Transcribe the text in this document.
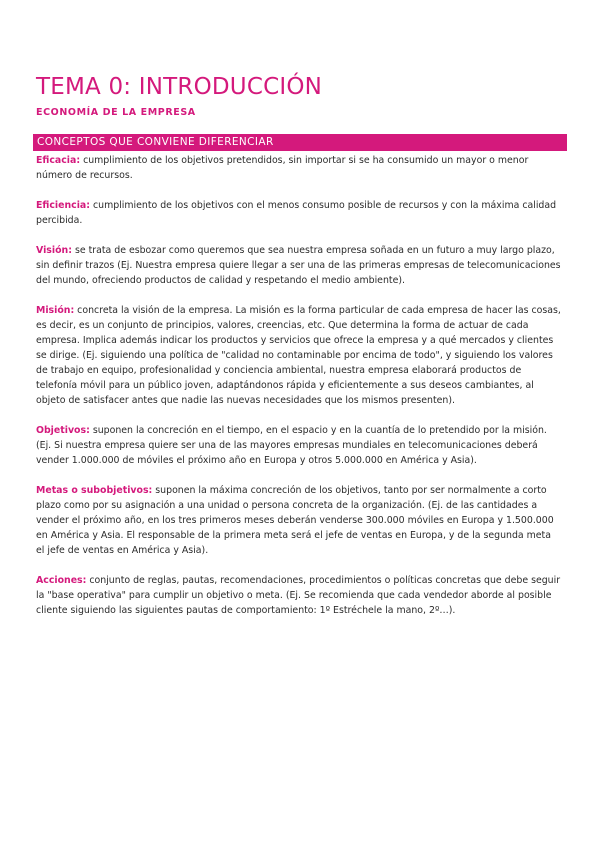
TEMA 0: INTRODUCCIÓN
ECONOMÍA DE LA EMPRESA
CONCEPTOS QUE CONVIENE DIFERENCIAR

Eficacia: cumplimiento de los objetivos pretendidos, sin importar si se ha consumido un mayor o menor número de recursos.

Eficiencia: cumplimiento de los objetivos con el menos consumo posible de recursos y con la máxima calidad percibida.

Visión: se trata de esbozar como queremos que sea nuestra empresa soñada en un futuro a muy largo plazo, sin definir trazos (Ej. Nuestra empresa quiere llegar a ser una de las primeras empresas de telecomunicaciones del mundo, ofreciendo productos de calidad y respetando el medio ambiente).

Misión: concreta la visión de la empresa. La misión es la forma particular de cada empresa de hacer las cosas, es decir, es un conjunto de principios, valores, creencias, etc. Que determina la forma de actuar de cada empresa. Implica además indicar los productos y servicios que ofrece la empresa y a qué mercados y clientes se dirige. (Ej. siguiendo una política de "calidad no contaminable por encima de todo", y siguiendo los valores de trabajo en equipo, profesionalidad y conciencia ambiental, nuestra empresa elaborará productos de telefonía móvil para un público joven, adaptándonos rápida y eficientemente a sus deseos cambiantes, al objeto de satisfacer antes que nadie las nuevas necesidades que los mismos presenten).

Objetivos: suponen la concreción en el tiempo, en el espacio y en la cuantía de lo pretendido por la misión. (Ej. Si nuestra empresa quiere ser una de las mayores empresas mundiales en telecomunicaciones deberá vender 1.000.000 de móviles el próximo año en Europa y otros 5.000.000 en América y Asia).

Metas o subobjetivos: suponen la máxima concreción de los objetivos, tanto por ser normalmente a corto plazo como por su asignación a una unidad o persona concreta de la organización. (Ej. de las cantidades a vender el próximo año, en los tres primeros meses deberán venderse 300.000 móviles en Europa y 1.500.000 en América y Asia. El responsable de la primera meta será el jefe de ventas en Europa, y de la segunda meta el jefe de ventas en América y Asia).

Acciones: conjunto de reglas, pautas, recomendaciones, procedimientos o políticas concretas que debe seguir la "base operativa" para cumplir un objetivo o meta. (Ej. Se recomienda que cada vendedor aborde al posible cliente siguiendo las siguientes pautas de comportamiento: 1º Estréchele la mano, 2º…).
